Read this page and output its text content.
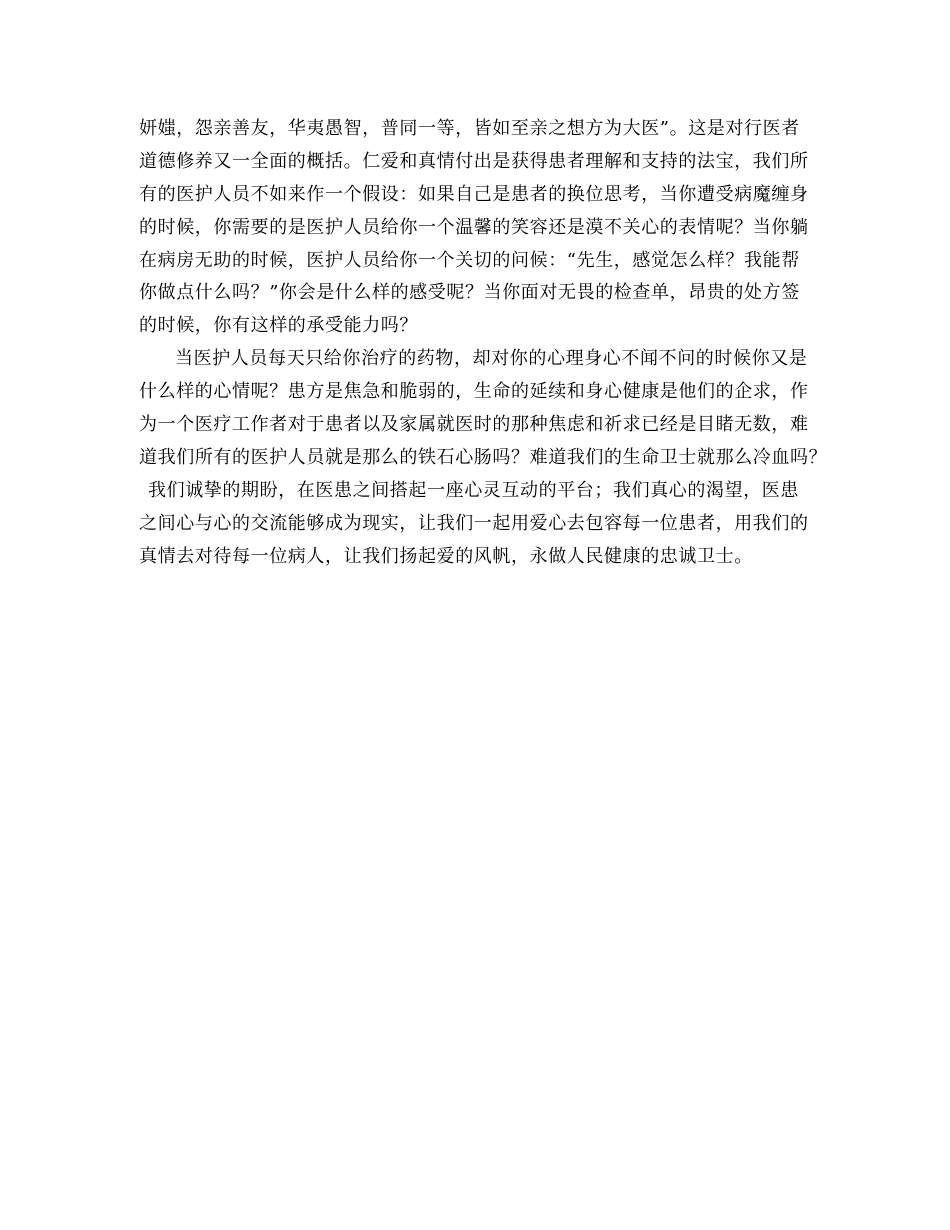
妍媸，怨亲善友，华夷愚智，普同一等，皆如至亲之想方为大医”。这是对行医者
道德修养又一全面的概括。仁爱和真情付出是获得患者理解和支持的法宝，我们所
有的医护人员不如来作一个假设：如果自己是患者的换位思考，当你遭受病魔缠身
的时候，你需要的是医护人员给你一个温馨的笑容还是漠不关心的表情呢？当你躺
在病房无助的时候，医护人员给你一个关切的问候：“先生，感觉怎么样？我能帮
你做点什么吗？”你会是什么样的感受呢？当你面对无畏的检查单，昂贵的处方签
的时候，你有这样的承受能力吗？
当医护人员每天只给你治疗的药物，却对你的心理身心不闻不问的时候你又是
什么样的心情呢？患方是焦急和脆弱的，生命的延续和身心健康是他们的企求，作
为一个医疗工作者对于患者以及家属就医时的那种焦虑和祈求已经是目睹无数，难
道我们所有的医护人员就是那么的铁石心肠吗？难道我们的生命卫士就那么冷血吗？
我们诚挚的期盼，在医患之间搭起一座心灵互动的平台；我们真心的渴望，医患
之间心与心的交流能够成为现实，让我们一起用爱心去包容每一位患者，用我们的
真情去对待每一位病人，让我们扬起爱的风帆，永做人民健康的忠诚卫士。
